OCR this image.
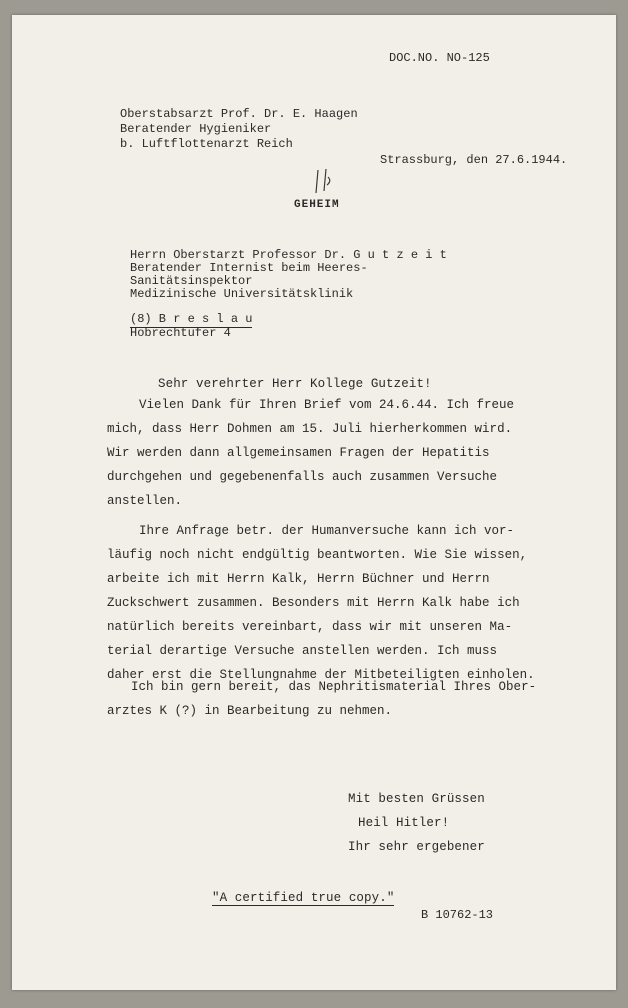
DOC.NO. NO-125
Oberstabsarzt Prof. Dr. E. Haagen
Beratender Hygieniker
b. Luftflottenarzt Reich
Strassburg, den 27.6.1944.
GEHEIM
Herrn Oberstarzt Professor Dr. G u t z e i t
Beratender Internist beim Heeres-
Sanitätsinspektor
Medizinische Universitätsklinik
(8) B r e s l a u
Hobrechtufer 4
Sehr verehrter Herr Kollege Gutzeit!
Vielen Dank für Ihren Brief vom 24.6.44. Ich freue
mich, dass Herr Dohmen am 15. Juli hierherkommen wird.
Wir werden dann allgemeinsamen Fragen der Hepatitis
durchgehen und gegebenenfalls auch zusammen Versuche
anstellen.
Ihre Anfrage betr. der Humanversuche kann ich vor-
läufig noch nicht endgültig beantworten. Wie Sie wissen,
arbeite ich mit Herrn Kalk, Herrn Büchner und Herrn
Zuckschwert zusammen. Besonders mit Herrn Kalk habe ich
natürlich bereits vereinbart, dass wir mit unseren Ma-
terial derartige Versuche anstellen werden. Ich muss
daher erst die Stellungnahme der Mitbeteiligten einholen.
Ich bin gern bereit, das Nephritismaterial Ihres Ober-
arztes K (?) in Bearbeitung zu nehmen.
Mit besten Grüssen
Heil Hitler!
Ihr sehr ergebener
"A certified true copy."
B 10762-13
